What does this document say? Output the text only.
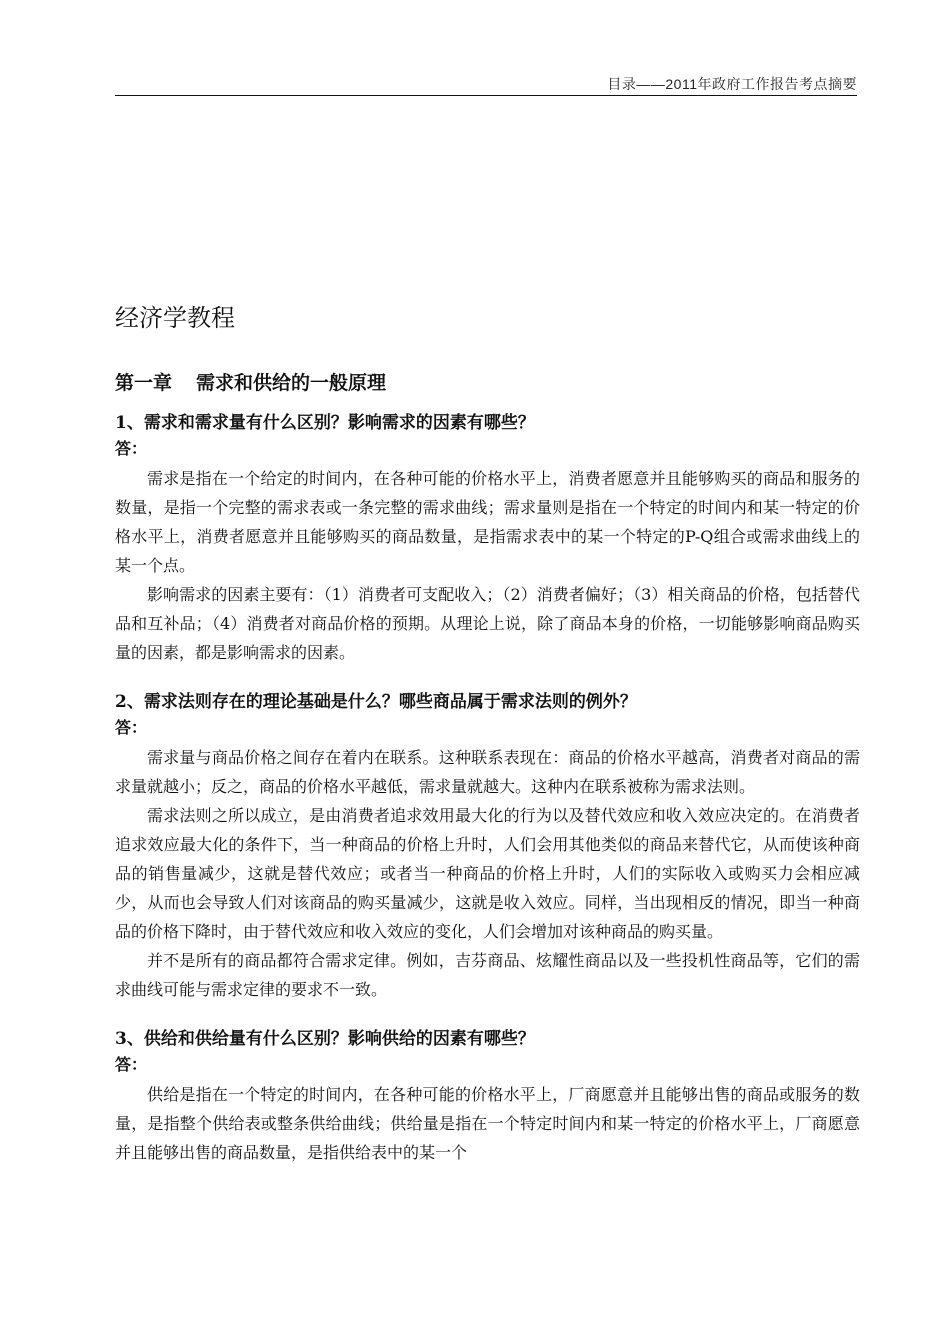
目录——2011年政府工作报告考点摘要
经济学教程
第一章 需求和供给的一般原理

1、需求和需求量有什么区别？影响需求的因素有哪些？

答：

需求是指在一个给定的时间内，在各种可能的价格水平上，消费者愿意并且能够购买的商品和服务的数量，是指一个完整的需求表或一条完整的需求曲线；需求量则是指在一个特定的时间内和某一特定的价格水平上，消费者愿意并且能够购买的商品数量，是指需求表中的某一个特定的P-Q组合或需求曲线上的某一个点。

影响需求的因素主要有：（1）消费者可支配收入；（2）消费者偏好；（3）相关商品的价格，包括替代品和互补品；（4）消费者对商品价格的预期。从理论上说，除了商品本身的价格，一切能够影响商品购买量的因素，都是影响需求的因素。

2、需求法则存在的理论基础是什么？哪些商品属于需求法则的例外？

答：

需求量与商品价格之间存在着内在联系。这种联系表现在：商品的价格水平越高，消费者对商品的需求量就越小；反之，商品的价格水平越低，需求量就越大。这种内在联系被称为需求法则。

需求法则之所以成立，是由消费者追求效用最大化的行为以及替代效应和收入效应决定的。在消费者追求效应最大化的条件下，当一种商品的价格上升时，人们会用其他类似的商品来替代它，从而使该种商品的销售量减少，这就是替代效应；或者当一种商品的价格上升时，人们的实际收入或购买力会相应减少，从而也会导致人们对该商品的购买量减少，这就是收入效应。同样，当出现相反的情况，即当一种商品的价格下降时，由于替代效应和收入效应的变化，人们会增加对该种商品的购买量。

并不是所有的商品都符合需求定律。例如，吉芬商品、炫耀性商品以及一些投机性商品等，它们的需求曲线可能与需求定律的要求不一致。

3、供给和供给量有什么区别？影响供给的因素有哪些？

答：

供给是指在一个特定的时间内，在各种可能的价格水平上，厂商愿意并且能够出售的商品或服务的数量，是指整个供给表或整条供给曲线；供给量是指在一个特定时间内和某一特定的价格水平上，厂商愿意并且能够出售的商品数量，是指供给表中的某一个
